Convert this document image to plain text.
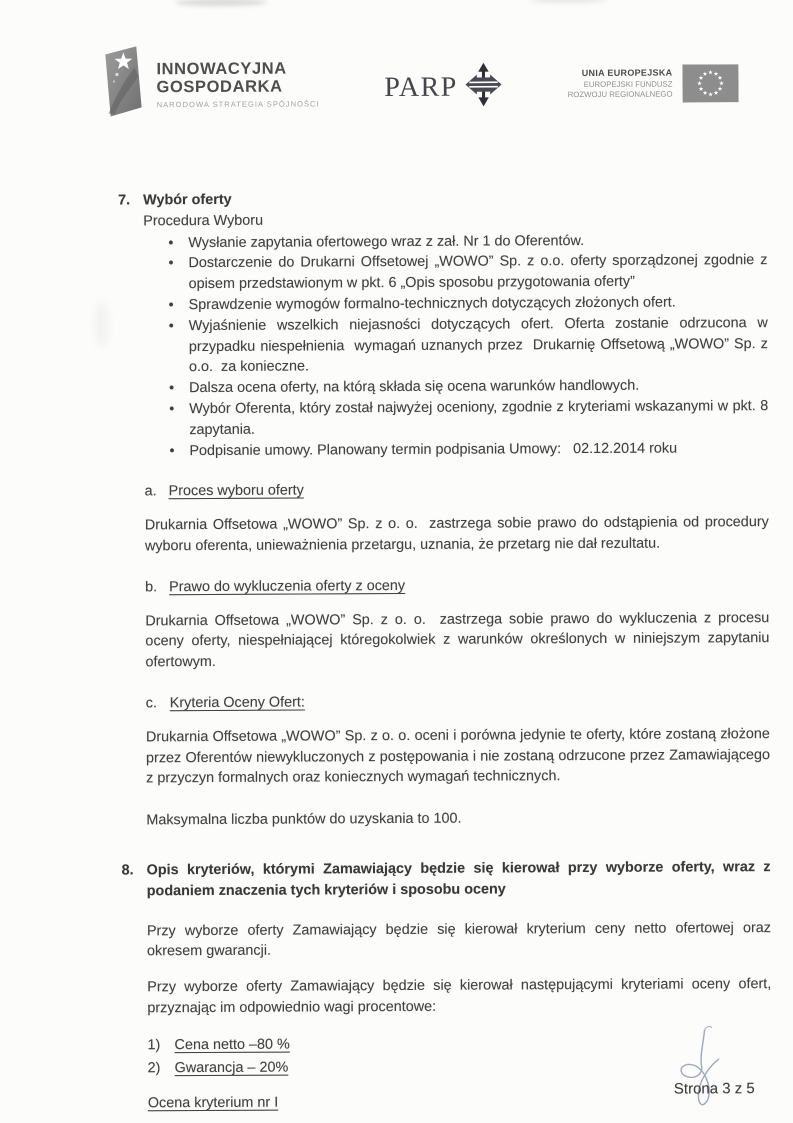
INNOWACYJNA
GOSPODARKA
NARODOWA STRATEGIA SPÓJNOŚCI
PARP	UNIA EUROPEJSKA
EUROPEJSKI FUNDUSZ
ROZWOJU REGIONALNEGO
7. Wybór oferty
Procedura Wyboru
• Wysłanie zapytania ofertowego wraz z zał. Nr 1 do Oferentów.
• Dostarczenie do Drukarni Offsetowej „WOWO” Sp. z o.o. oferty sporządzonej zgodnie z opisem przedstawionym w pkt. 6 „Opis sposobu przygotowania oferty”
• Sprawdzenie wymogów formalno-technicznych dotyczących złożonych ofert.
• Wyjaśnienie wszelkich niejasności dotyczących ofert. Oferta zostanie odrzucona w przypadku niespełnienia  wymagań uznanych przez  Drukarnię Offsetową „WOWO” Sp. z o.o.  za konieczne.
• Dalsza ocena oferty, na którą składa się ocena warunków handlowych.
• Wybór Oferenta, który został najwyżej oceniony, zgodnie z kryteriami wskazanymi w pkt. 8 zapytania.
• Podpisanie umowy. Planowany termin podpisania Umowy:   02.12.2014 roku
a. Proces wyboru oferty

Drukarnia Offsetowa „WOWO” Sp. z o. o.  zastrzega sobie prawo do odstąpienia od procedury wyboru oferenta, unieważnienia przetargu, uznania, że przetarg nie dał rezultatu.

b. Prawo do wykluczenia oferty z oceny

Drukarnia Offsetowa „WOWO” Sp. z o. o.  zastrzega sobie prawo do wykluczenia z procesu oceny oferty, niespełniającej któregokolwiek z warunków określonych w niniejszym zapytaniu ofertowym.

c. Kryteria Oceny Ofert:

Drukarnia Offsetowa „WOWO” Sp. z o. o. oceni i porówna jedynie te oferty, które zostaną złożone przez Oferentów niewykluczonych z postępowania i nie zostaną odrzucone przez Zamawiającego z przyczyn formalnych oraz koniecznych wymagań technicznych.

Maksymalna liczba punktów do uzyskania to 100.

8. Opis kryteriów, którymi Zamawiający będzie się kierował przy wyborze oferty, wraz z podaniem znaczenia tych kryteriów i sposobu oceny

Przy wyborze oferty Zamawiający będzie się kierował kryterium ceny netto ofertowej oraz okresem gwarancji.

Przy wyborze oferty Zamawiający będzie się kierował następującymi kryteriami oceny ofert, przyznając im odpowiednio wagi procentowe:

1) Cena netto –80 %
2) Gwarancja – 20%
Ocena kryterium nr I
Strona 3 z 5
